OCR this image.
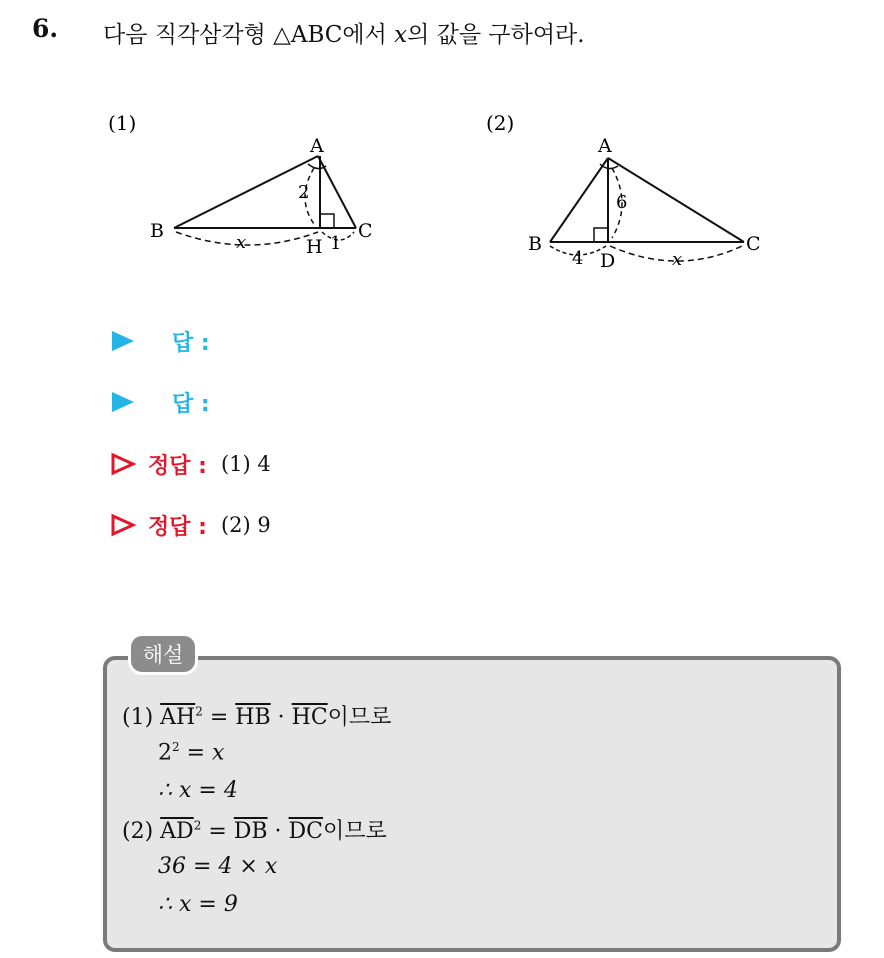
6. 다음 직각삼각형 △ABC에서 x의 값을 구하여라.
(1)
A
B	C
H
2
1
x
(2)
A
B	C
D
6
4	x
답 :
답 :
정답 : (1) 4
정답 : (2) 9
해설
(1) $\overline{AH}^2 = \overline{HB} \cdot \overline{HC}$이므로
$2^2 = x$
∴ x = 4
(2) $\overline{AD}^2 = \overline{DB} \cdot \overline{DC}$이므로
36 = 4 × x
∴ x = 9
